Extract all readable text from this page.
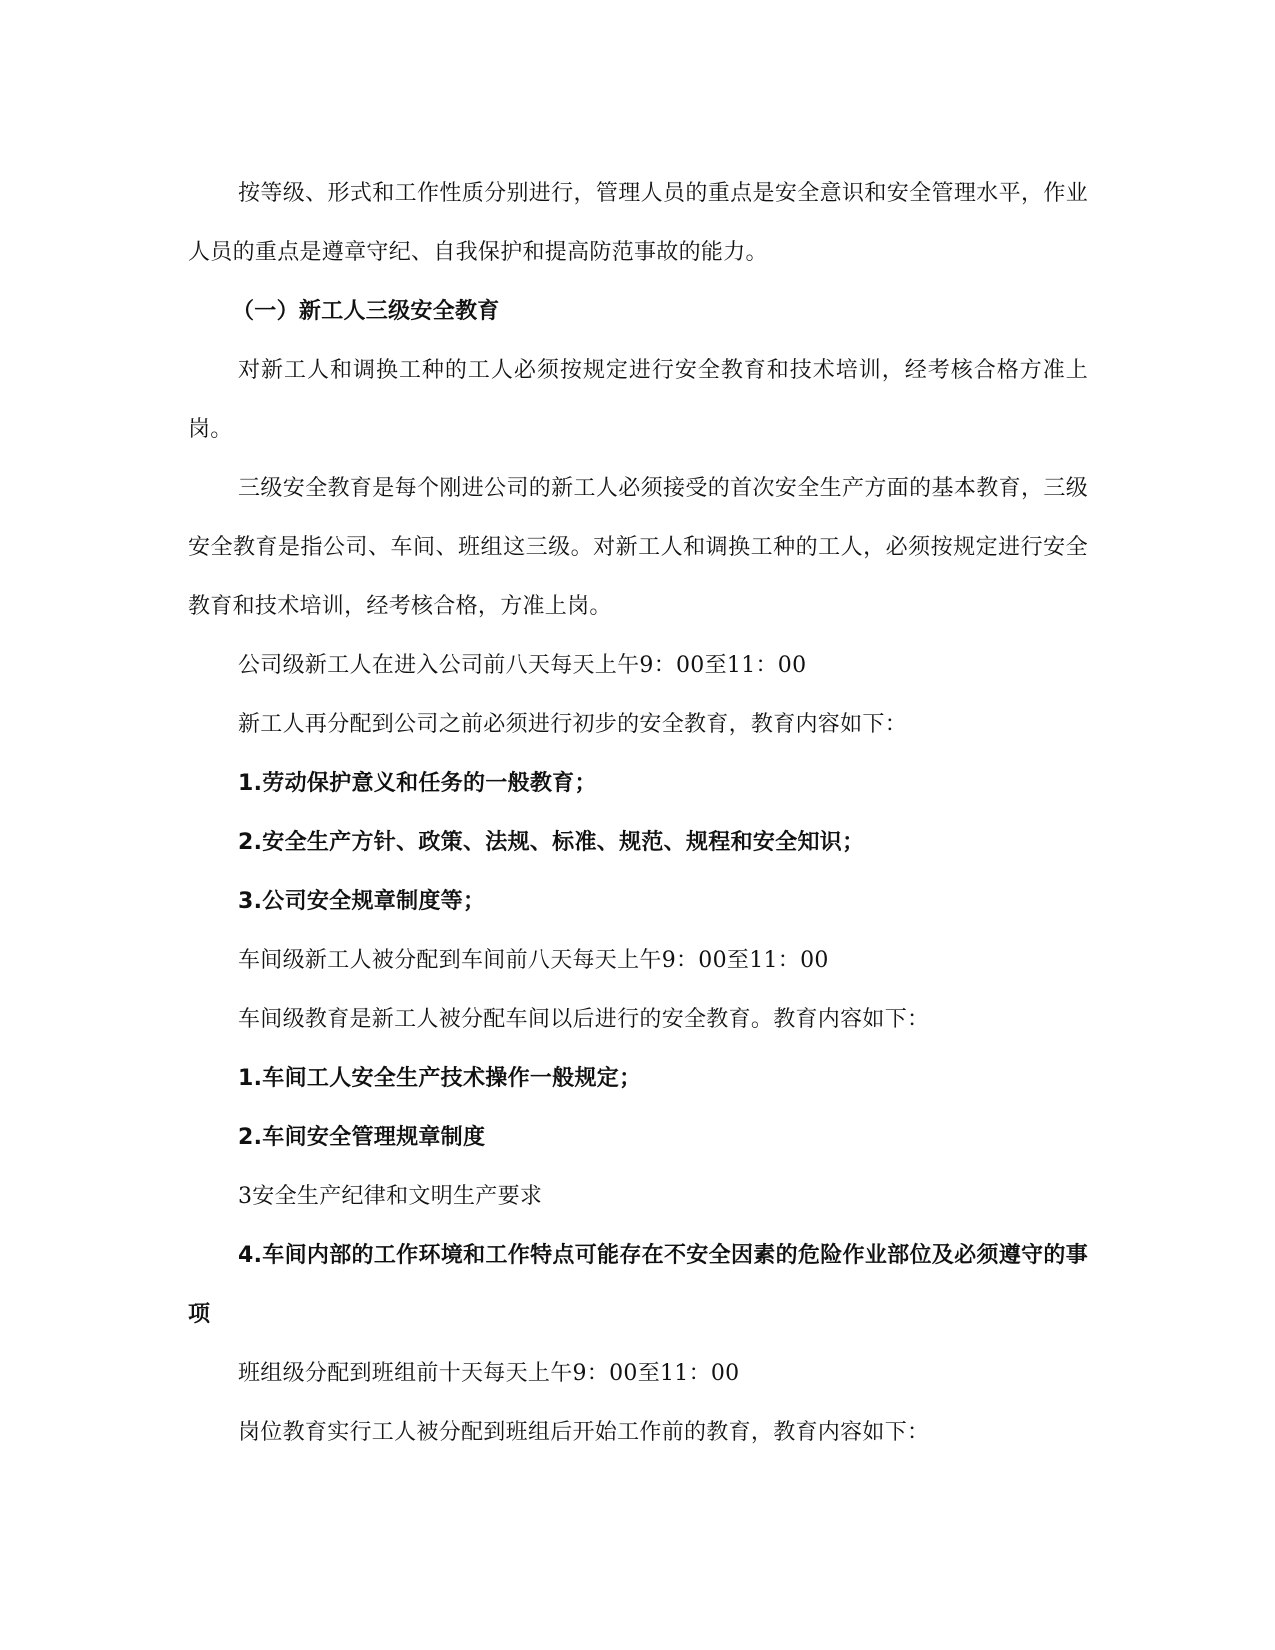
按等级、形式和工作性质分别进行，管理人员的重点是安全意识和安全管理水平，作业人员的重点是遵章守纪、自我保护和提高防范事故的能力。

（一）新工人三级安全教育

对新工人和调换工种的工人必须按规定进行安全教育和技术培训，经考核合格方准上岗。

三级安全教育是每个刚进公司的新工人必须接受的首次安全生产方面的基本教育，三级安全教育是指公司、车间、班组这三级。对新工人和调换工种的工人，必须按规定进行安全教育和技术培训，经考核合格，方准上岗。

公司级新工人在进入公司前八天每天上午9：00至11：00

新工人再分配到公司之前必须进行初步的安全教育，教育内容如下：

1.劳动保护意义和任务的一般教育；

2.安全生产方针、政策、法规、标准、规范、规程和安全知识；

3.公司安全规章制度等；

车间级新工人被分配到车间前八天每天上午9：00至11：00

车间级教育是新工人被分配车间以后进行的安全教育。教育内容如下：

1.车间工人安全生产技术操作一般规定；

2.车间安全管理规章制度

3安全生产纪律和文明生产要求

4.车间内部的工作环境和工作特点可能存在不安全因素的危险作业部位及必须遵守的事项

班组级分配到班组前十天每天上午9：00至11：00

岗位教育实行工人被分配到班组后开始工作前的教育，教育内容如下：
